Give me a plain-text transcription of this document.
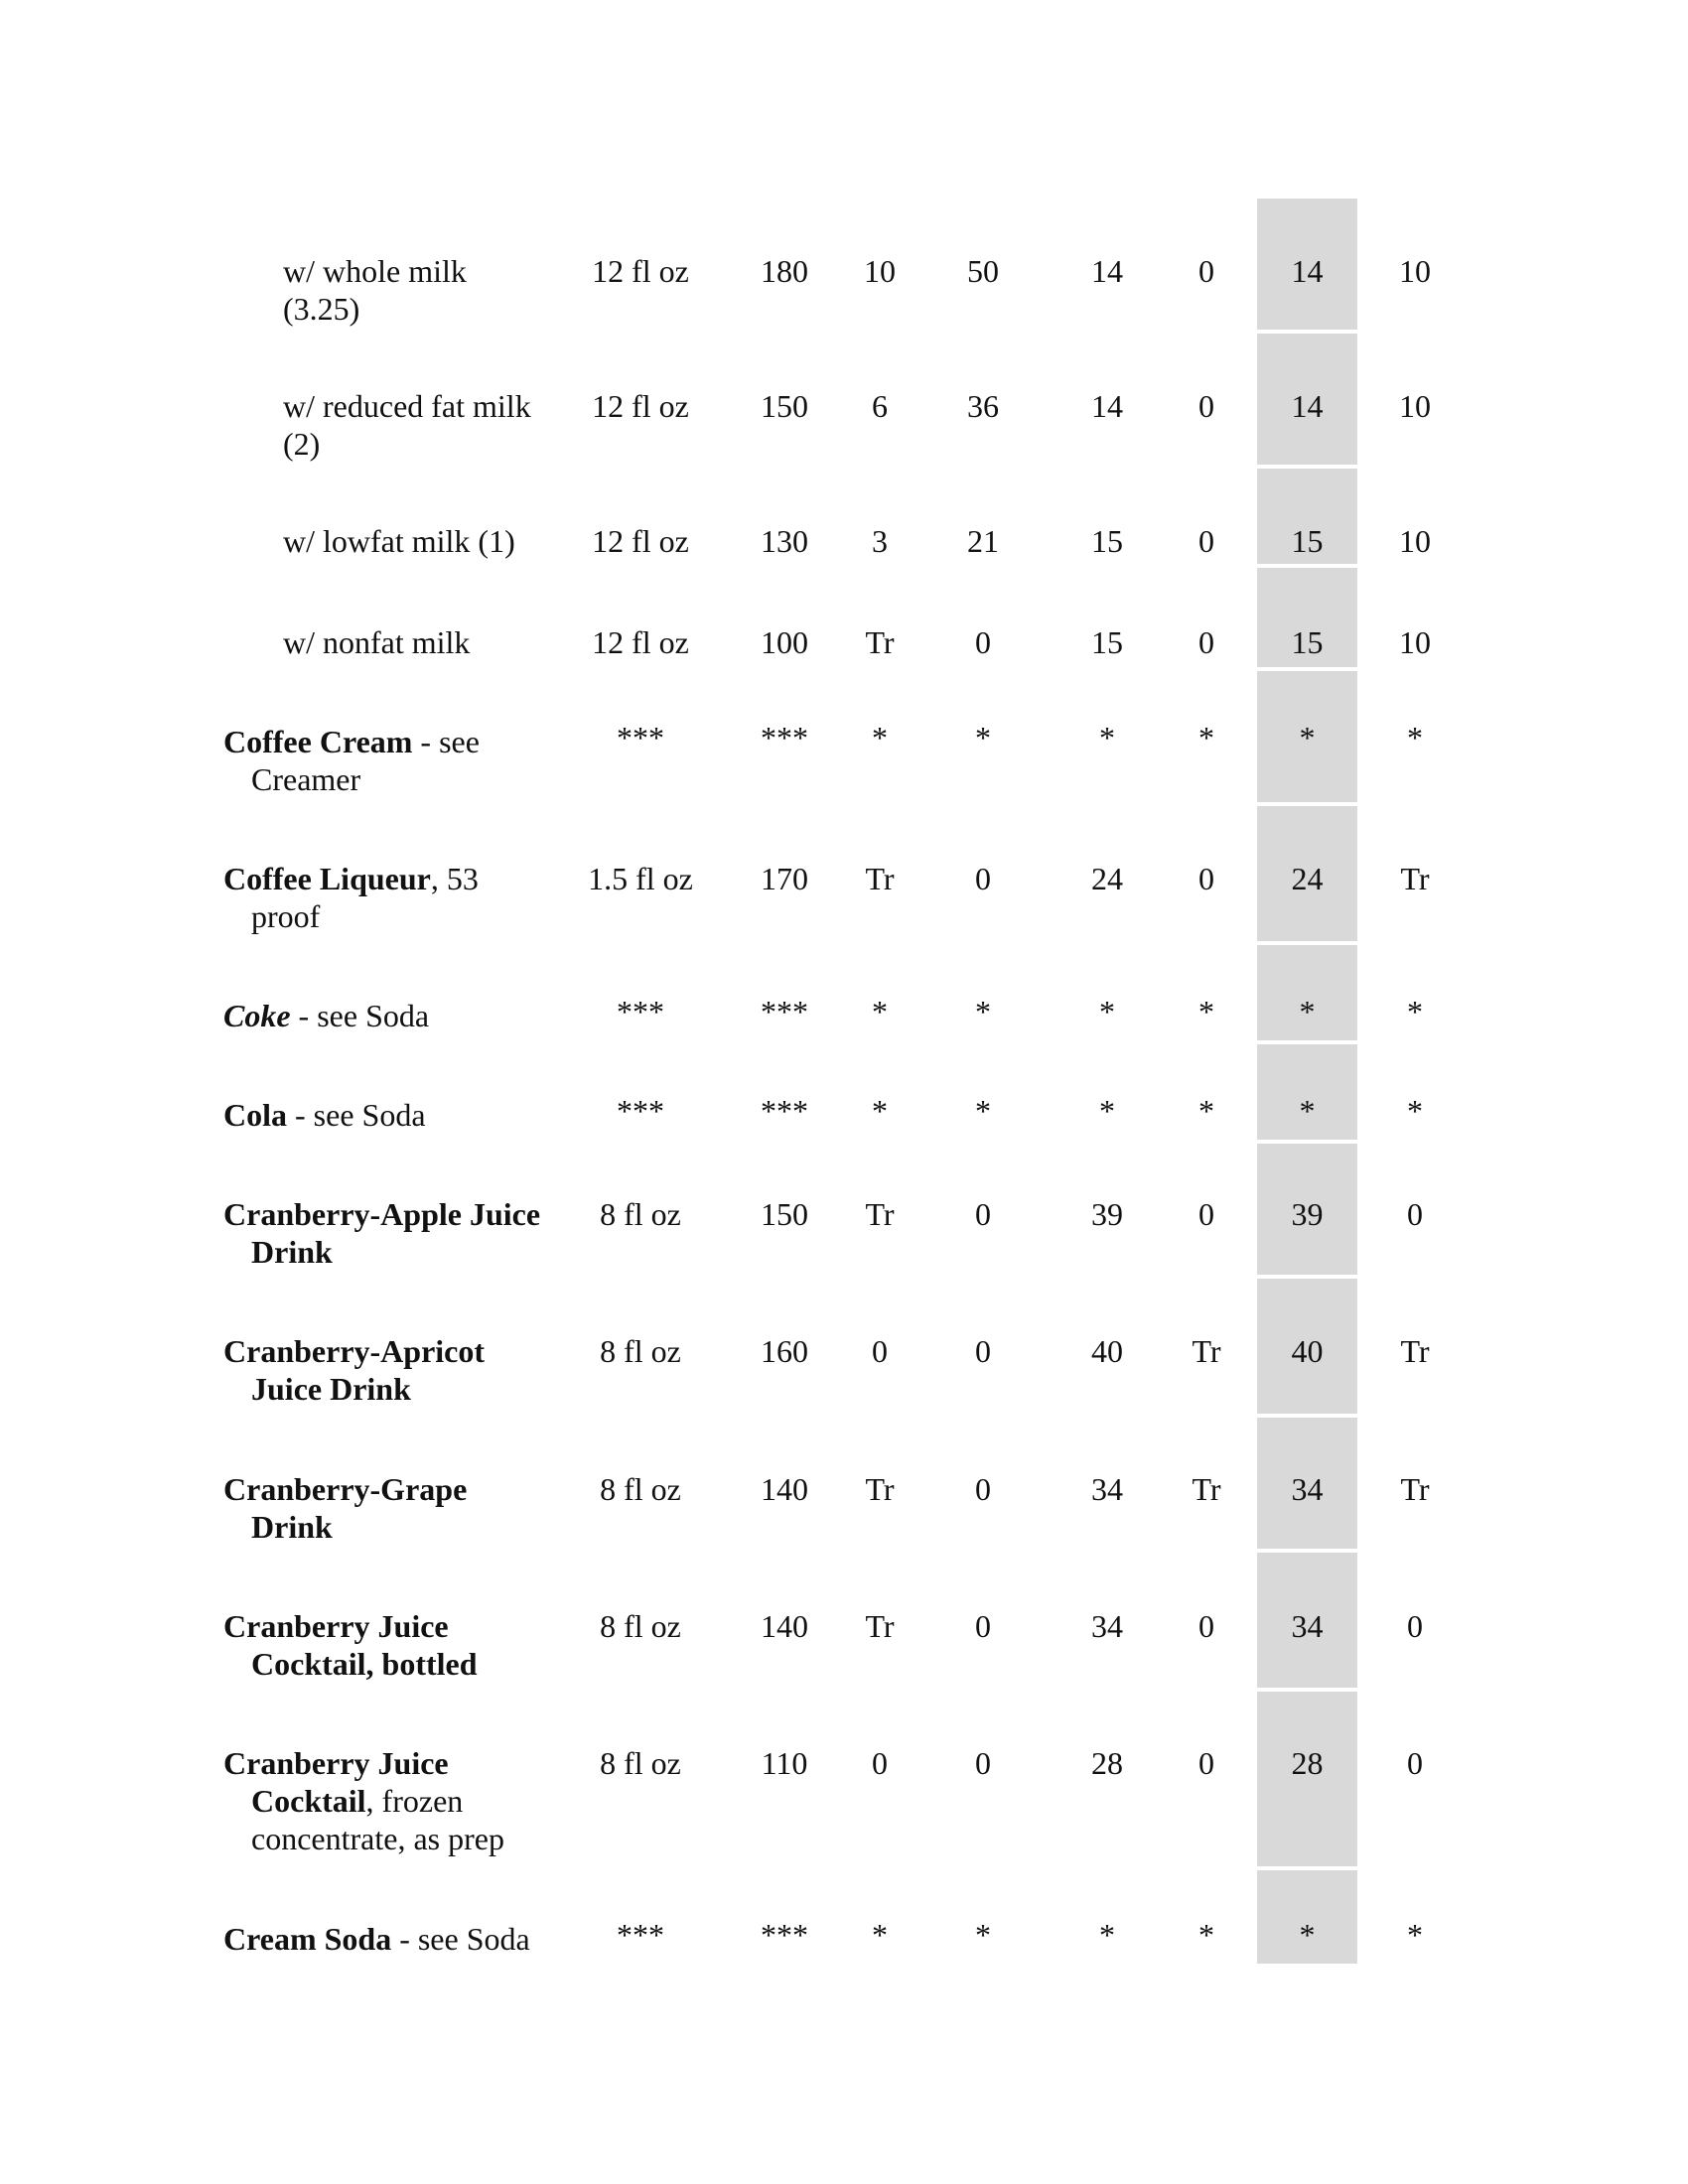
w/ whole milk
(3.25)
12 fl oz	180	10	50	14	0	14	10
w/ reduced fat milk
(2)
12 fl oz	150	6	36	14	0	14	10
w/ lowfat milk (1)	12 fl oz	130	3	21	15	0	15	10
w/ nonfat milk	12 fl oz	100	Tr	0	15	0	15	10
Coffee Cream - see
Creamer
***	***	*	*	*	*	*	*
Coffee Liqueur, 53
proof
1.5 fl oz	170	Tr	0	24	0	24	Tr
Coke - see Soda	***	***	*	*	*	*	*	*
Cola - see Soda	***	***	*	*	*	*	*	*
Cranberry-Apple Juice
Drink
8 fl oz	150	Tr	0	39	0	39	0
Cranberry-Apricot
Juice Drink
8 fl oz	160	0	0	40	Tr	40	Tr
Cranberry-Grape
Drink
8 fl oz	140	Tr	0	34	Tr	34	Tr
Cranberry Juice
Cocktail, bottled
8 fl oz	140	Tr	0	34	0	34	0
Cranberry Juice
Cocktail, frozen
concentrate, as prep
8 fl oz	110	0	0	28	0	28	0
Cream Soda - see Soda	***	***	*	*	*	*	*	*
